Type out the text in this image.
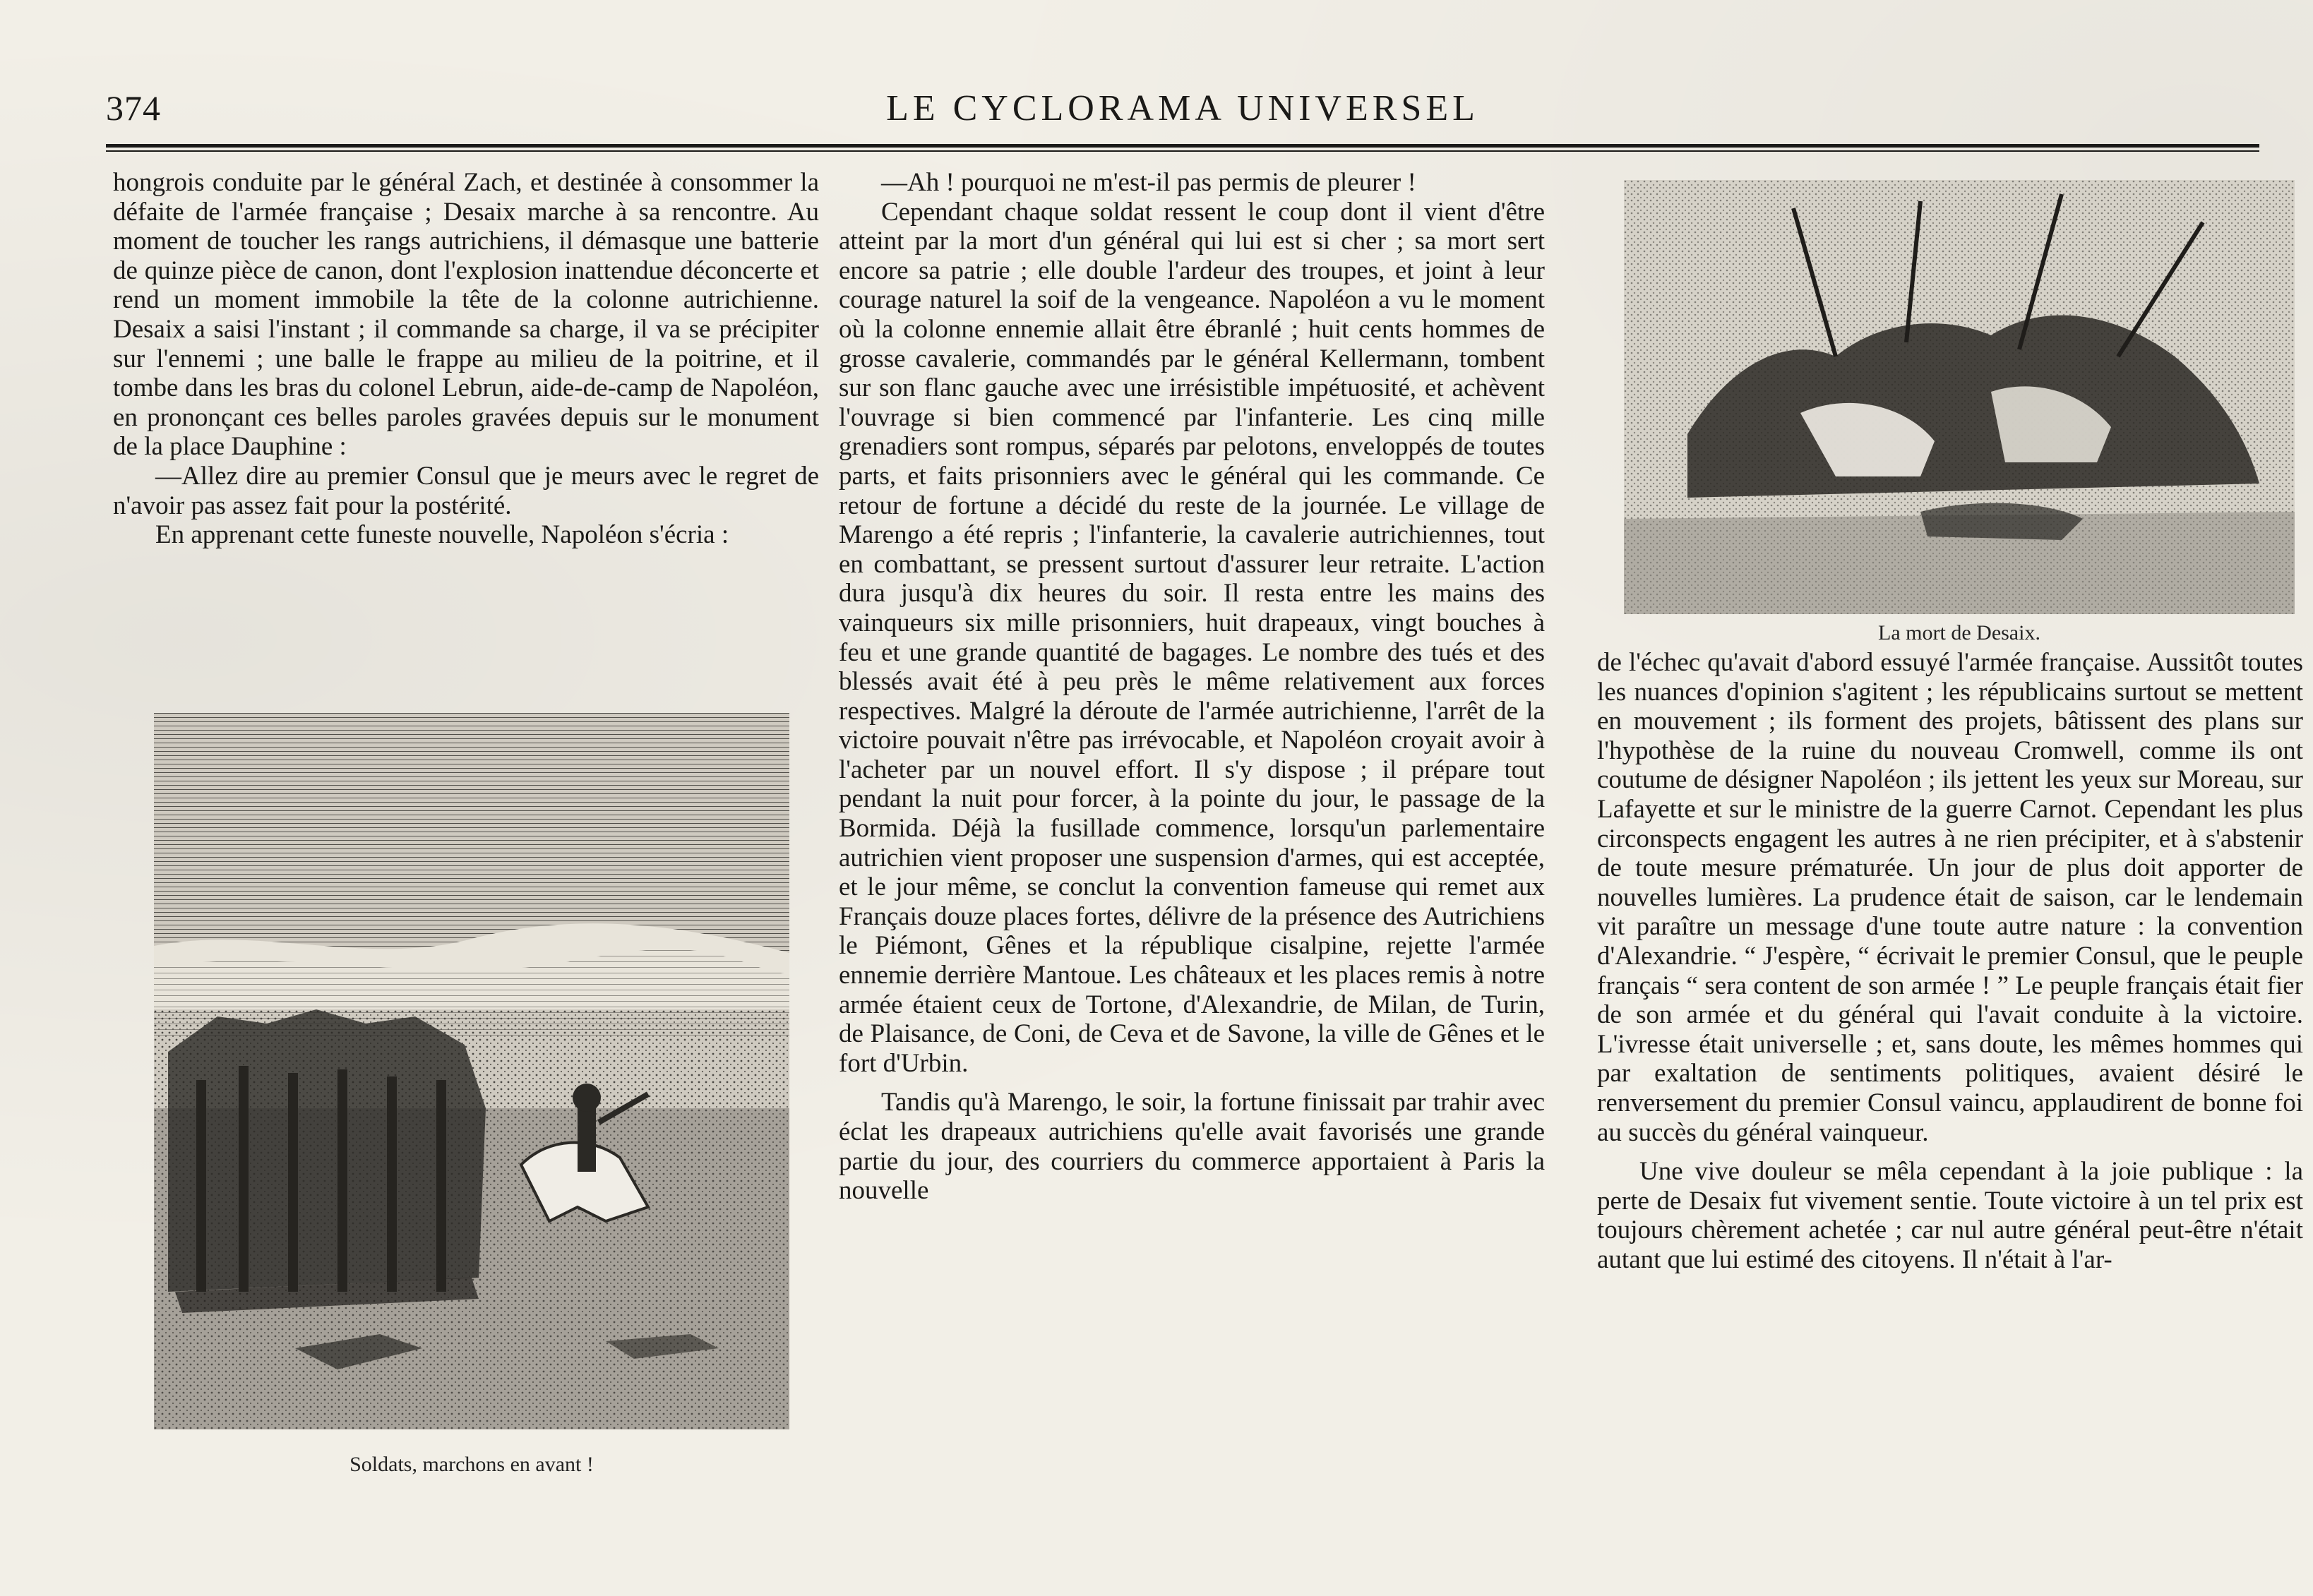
374	LE CYCLORAMA UNIVERSEL

hongrois conduite par le général Zach, et destinée à consommer la défaite de l'armée française ; Desaix marche à sa rencontre. Au moment de toucher les rangs autrichiens, il démasque une batterie de quinze pièce de canon, dont l'explosion inattendue déconcerte et rend un moment immobile la tête de la colonne autrichienne. Desaix a saisi l'instant ; il commande sa charge, il va se précipiter sur l'ennemi ; une balle le frappe au milieu de la poitrine, et il tombe dans les bras du colonel Lebrun, aide-de-camp de Napoléon, en prononçant ces belles paroles gravées depuis sur le monument de la place Dauphine :

—Allez dire au premier Consul que je meurs avec le regret de n'avoir pas assez fait pour la postérité.

En apprenant cette funeste nouvelle, Napoléon s'écria :

Soldats, marchons en avant !

—Ah ! pourquoi ne m'est-il pas permis de pleurer !

Cependant chaque soldat ressent le coup dont il vient d'être atteint par la mort d'un général qui lui est si cher ; sa mort sert encore sa patrie ; elle double l'ardeur des troupes, et joint à leur courage naturel la soif de la vengeance. Napoléon a vu le moment où la colonne ennemie allait être ébranlé ; huit cents hommes de grosse cavalerie, commandés par le général Kellermann, tombent sur son flanc gauche avec une irrésistible impétuosité, et achèvent l'ouvrage si bien commencé par l'infanterie. Les cinq mille grenadiers sont rompus, séparés par pelotons, enveloppés de toutes parts, et faits prisonniers avec le général qui les commande. Ce retour de fortune a décidé du reste de la journée. Le village de Marengo a été repris ; l'infanterie, la cavalerie autrichiennes, tout en combattant, se pressent surtout d'assurer leur retraite. L'action dura jusqu'à dix heures du soir. Il resta entre les mains des vainqueurs six mille prisonniers, huit drapeaux, vingt bouches à feu et une grande quantité de bagages. Le nombre des tués et des blessés avait été à peu près le même relativement aux forces respectives. Malgré la déroute de l'armée autrichienne, l'arrêt de la victoire pouvait n'être pas irrévocable, et Napoléon croyait avoir à l'acheter par un nouvel effort. Il s'y dispose ; il prépare tout pendant la nuit pour forcer, à la pointe du jour, le passage de la Bormida. Déjà la fusillade commence, lorsqu'un parlementaire autrichien vient proposer une suspension d'armes, qui est acceptée, et le jour même, se conclut la convention fameuse qui remet aux Français douze places fortes, délivre de la présence des Autrichiens le Piémont, Gênes et la république cisalpine, rejette l'armée ennemie derrière Mantoue. Les châteaux et les places remis à notre armée étaient ceux de Tortone, d'Alexandrie, de Milan, de Turin, de Plaisance, de Coni, de Ceva et de Savone, la ville de Gênes et le fort d'Urbin.

Tandis qu'à Marengo, le soir, la fortune finissait par trahir avec éclat les drapeaux autrichiens qu'elle avait favorisés une grande partie du jour, des courriers du commerce apportaient à Paris la nouvelle

La mort de Desaix.

de l'échec qu'avait d'abord essuyé l'armée française. Aussitôt toutes les nuances d'opinion s'agitent ; les républicains surtout se mettent en mouvement ; ils forment des projets, bâtissent des plans sur l'hypothèse de la ruine du nouveau Cromwell, comme ils ont coutume de désigner Napoléon ; ils jettent les yeux sur Moreau, sur Lafayette et sur le ministre de la guerre Carnot. Cependant les plus circonspects engagent les autres à ne rien précipiter, et à s'abstenir de toute mesure prématurée. Un jour de plus doit apporter de nouvelles lumières. La prudence était de saison, car le lendemain vit paraître un message d'une toute autre nature : la convention d'Alexandrie. “ J'espère, “ écrivait le premier Consul, que le peuple français “ sera content de son armée ! ” Le peuple français était fier de son armée et du général qui l'avait conduite à la victoire. L'ivresse était universelle ; et, sans doute, les mêmes hommes qui par exaltation de sentiments politiques, avaient désiré le renversement du premier Consul vaincu, applaudirent de bonne foi au succès du général vainqueur.

Une vive douleur se mêla cependant à la joie publique : la perte de Desaix fut vivement sentie. Toute victoire à un tel prix est toujours chèrement achetée ; car nul autre général peut-être n'était autant que lui estimé des citoyens. Il n'était à l'ar-
